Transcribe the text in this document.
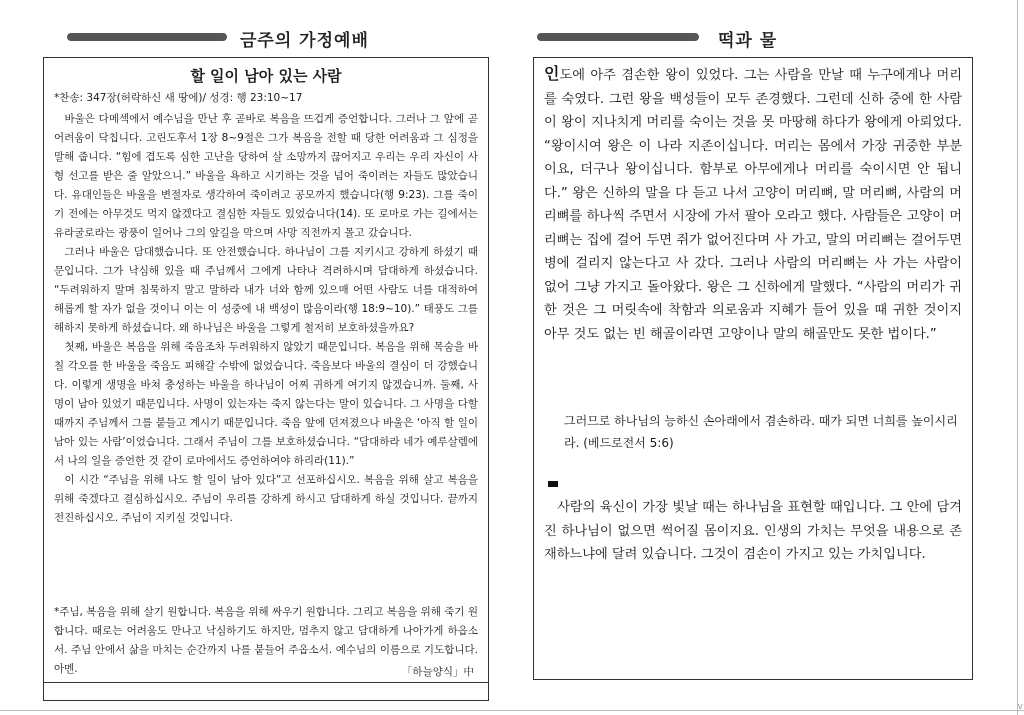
v
금주의 가정예배	떡과 물
할 일이 남아 있는 사람
*찬송: 347장(허락하신 새 땅에)/ 성경: 행 23:10~17

바울은 다메섹에서 예수님을 만난 후 곧바로 복음을 뜨겁게 증언합니다. 그러나 그 앞에 곧 어려움이 닥칩니다. 고린도후서 1장 8~9절은 그가 복음을 전할 때 당한 어려움과 그 심정을 말해 줍니다. “힘에 겹도록 심한 고난을 당하여 살 소망까지 끊어지고 우리는 우리 자신이 사형 선고를 받은 줄 알았으니.” 바울을 욕하고 시기하는 것을 넘어 죽이려는 자들도 많았습니다. 유대인들은 바울을 변절자로 생각하여 죽이려고 공모까지 했습니다(행 9:23). 그를 죽이기 전에는 아무것도 먹지 않겠다고 결심한 자들도 있었습니다(14). 또 로마로 가는 길에서는 유라굴로라는 광풍이 일어나 그의 앞길을 막으며 사망 직전까지 몰고 갔습니다.

그러나 바울은 담대했습니다. 또 안전했습니다. 하나님이 그를 지키시고 강하게 하셨기 때문입니다. 그가 낙심해 있을 때 주님께서 그에게 나타나 격려하시며 담대하게 하셨습니다. “두려워하지 말며 침묵하지 말고 말하라 내가 너와 함께 있으매 어떤 사람도 너를 대적하여 해롭게 할 자가 없을 것이니 이는 이 성중에 내 백성이 많음이라(행 18:9~10).” 태풍도 그를 해하지 못하게 하셨습니다. 왜 하나님은 바울을 그렇게 철저히 보호하셨을까요?

첫째, 바울은 복음을 위해 죽음조차 두려워하지 않았기 때문입니다. 복음을 위해 목숨을 바칠 각오를 한 바울을 죽음도 피해갈 수밖에 없었습니다. 죽음보다 바울의 결심이 더 강했습니다. 이렇게 생명을 바쳐 충성하는 바울을 하나님이 어찌 귀하게 여기지 않겠습니까. 둘째, 사명이 남아 있었기 때문입니다. 사명이 있는자는 죽지 않는다는 말이 있습니다. 그 사명을 다할 때까지 주님께서 그를 붙들고 계시기 때문입니다. 죽음 앞에 던져졌으나 바울은 ‘아직 할 일이 남아 있는 사람’이었습니다. 그래서 주님이 그를 보호하셨습니다. “담대하라 네가 예루살렘에서 나의 일을 증언한 것 같이 로마에서도 증언하여야 하리라(11).”

이 시간 “주님을 위해 나도 할 일이 남아 있다”고 선포하십시오. 복음을 위해 살고 복음을 위해 죽겠다고 결심하십시오. 주님이 우리를 강하게 하시고 담대하게 하실 것입니다. 끝까지 전진하십시오. 주님이 지키실 것입니다.

*주님, 복음을 위해 살기 원합니다. 복음을 위해 싸우기 원합니다. 그리고 복음을 위해 죽기 원합니다. 때로는 어려움도 만나고 낙심하기도 하지만, 멈추지 않고 담대하게 나아가게 하옵소서. 주님 안에서 삶을 마치는 순간까지 나를 붙들어 주옵소서. 예수님의 이름으로 기도합니다. 아멘.	「하늘양식」中
인도에 아주 겸손한 왕이 있었다. 그는 사람을 만날 때 누구에게나 머리를 숙였다. 그런 왕을 백성들이 모두 존경했다. 그런데 신하 중에 한 사람이 왕이 지나치게 머리를 숙이는 것을 못 마땅해 하다가 왕에게 아뢰었다. “왕이시여 왕은 이 나라 지존이십니다. 머리는 몸에서 가장 귀중한 부분이요, 더구나 왕이십니다. 함부로 아무에게나 머리를 숙이시면 안 됩니다.” 왕은 신하의 말을 다 듣고 나서 고양이 머리뼈, 말 머리뼈, 사람의 머리뼈를 하나씩 주면서 시장에 가서 팔아 오라고 했다. 사람들은 고양이 머리뼈는 집에 걸어 두면 쥐가 없어진다며 사 가고, 말의 머리뼈는 걸어두면 병에 걸리지 않는다고 사 갔다. 그러나 사람의 머리뼈는 사 가는 사람이 없어 그냥 가지고 돌아왔다. 왕은 그 신하에게 말했다. “사람의 머리가 귀한 것은 그 머릿속에 착함과 의로움과 지혜가 들어 있을 때 귀한 것이지 아무 것도 없는 빈 해골이라면 고양이나 말의 해골만도 못한 법이다.”
그러므로 하나님의 능하신 손아래에서 겸손하라. 때가 되면 너희를 높이시리라. (베드로전서 5:6)
사람의 육신이 가장 빛날 때는 하나님을 표현할 때입니다. 그 안에 담겨진 하나님이 없으면 썩어질 몸이지요. 인생의 가치는 무엇을 내용으로 존재하느냐에 달려 있습니다. 그것이 겸손이 가지고 있는 가치입니다.
